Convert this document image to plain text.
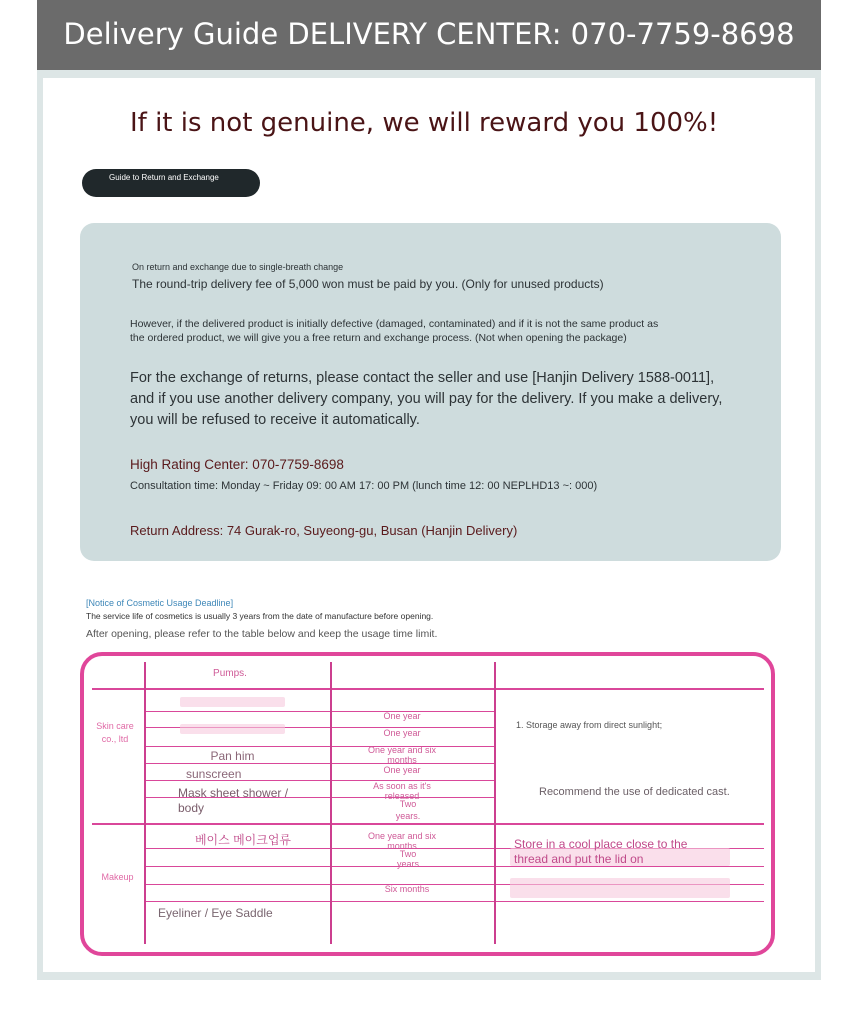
Delivery Guide DELIVERY CENTER: 070-7759-8698
If it is not genuine, we will reward you 100%!
Guide to Return and Exchange
On return and exchange due to single-breath change
The round-trip delivery fee of 5,000 won must be paid by you. (Only for unused products)
However, if the delivered product is initially defective (damaged, contaminated) and if it is not the same product as
the ordered product, we will give you a free return and exchange process. (Not when opening the package)
For the exchange of returns, please contact the seller and use [Hanjin Delivery 1588-0011],
and if you use another delivery company, you will pay for the delivery. If you make a delivery,
you will be refused to receive it automatically.
High Rating Center: 070-7759-8698
Consultation time: Monday ~ Friday 09: 00 AM 17: 00 PM (lunch time 12: 00 NEPLHD13 ~: 000)
Return Address: 74 Gurak-ro, Suyeong-gu, Busan (Hanjin Delivery)
[Notice of Cosmetic Usage Deadline]
The service life of cosmetics is usually 3 years from the date of manufacture before opening.
After opening, please refer to the table below and keep the usage time limit.
Pumps.
Skin care co., ltd
Makeup
Pan him
sunscreen
Mask sheet shower / body
베이스 메이크업류
Eyeliner / Eye Saddle
One year
One year
One year and six months
One year
As soon as it's released
Two years.
One year and six months
Two years
Six months
1. Storage away from direct sunlight;
Recommend the use of dedicated cast.
Store in a cool place close to the thread and put the lid on
